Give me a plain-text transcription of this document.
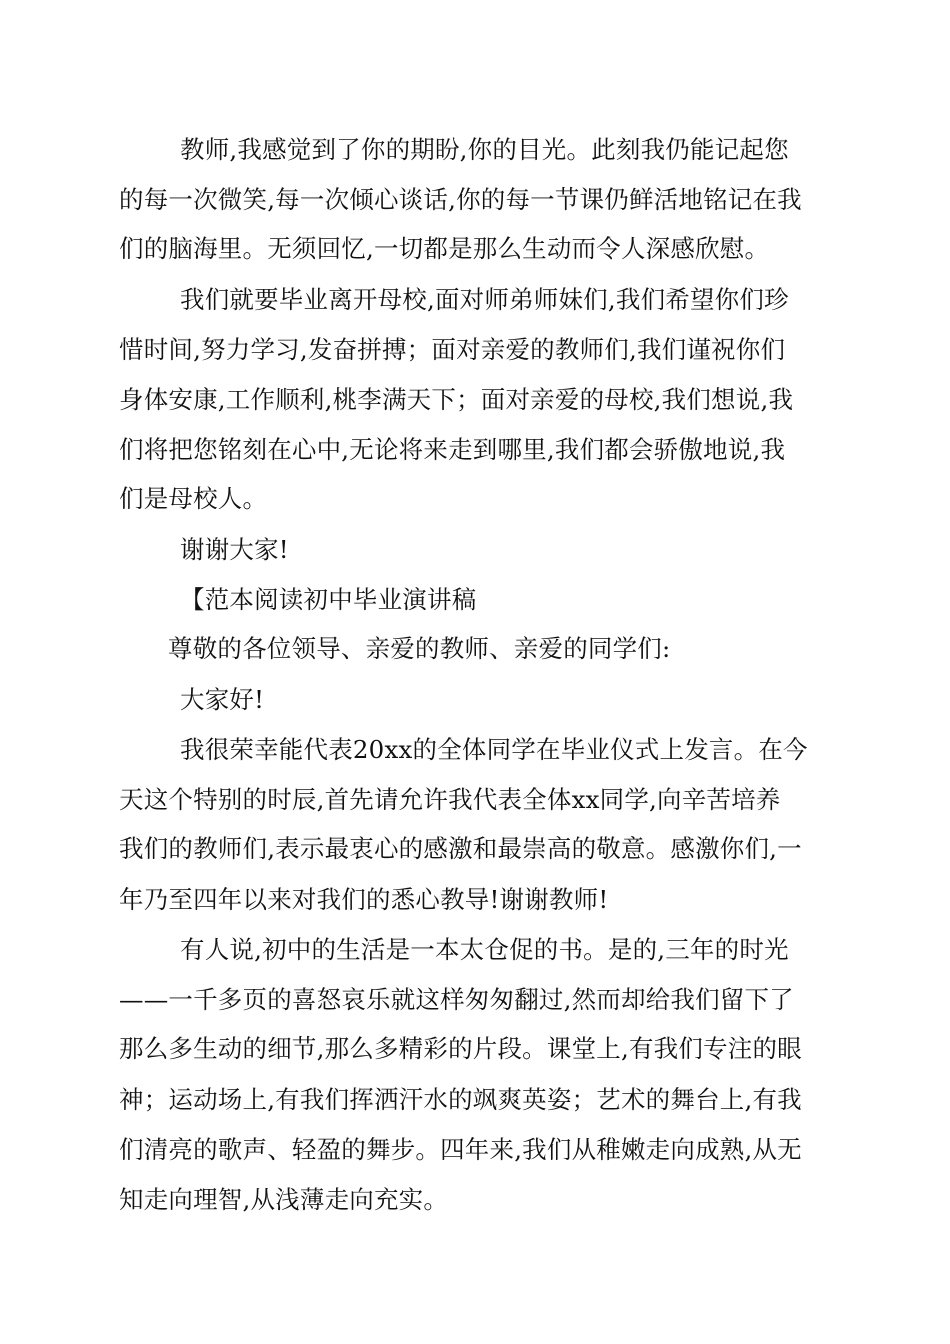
教师,我感觉到了你的期盼,你的目光。此刻我仍能记起您
的每一次微笑,每一次倾心谈话,你的每一节课仍鲜活地铭记在我
们的脑海里。无须回忆,一切都是那么生动而令人深感欣慰。
我们就要毕业离开母校,面对师弟师妹们,我们希望你们珍
惜时间,努力学习,发奋拼搏；面对亲爱的教师们,我们谨祝你们
身体安康,工作顺利,桃李满天下；面对亲爱的母校,我们想说,我
们将把您铭刻在心中,无论将来走到哪里,我们都会骄傲地说,我
们是母校人。
谢谢大家!
【范本阅读初中毕业演讲稿
尊敬的各位领导、亲爱的教师、亲爱的同学们:
大家好!
我很荣幸能代表20xx的全体同学在毕业仪式上发言。在今
天这个特别的时辰,首先请允许我代表全体xx同学,向辛苦培养
我们的教师们,表示最衷心的感激和最崇高的敬意。感激你们,一
年乃至四年以来对我们的悉心教导!谢谢教师!
有人说,初中的生活是一本太仓促的书。是的,三年的时光
——一千多页的喜怒哀乐就这样匆匆翻过,然而却给我们留下了
那么多生动的细节,那么多精彩的片段。课堂上,有我们专注的眼
神；运动场上,有我们挥洒汗水的飒爽英姿；艺术的舞台上,有我
们清亮的歌声、轻盈的舞步。四年来,我们从稚嫩走向成熟,从无
知走向理智,从浅薄走向充实。
